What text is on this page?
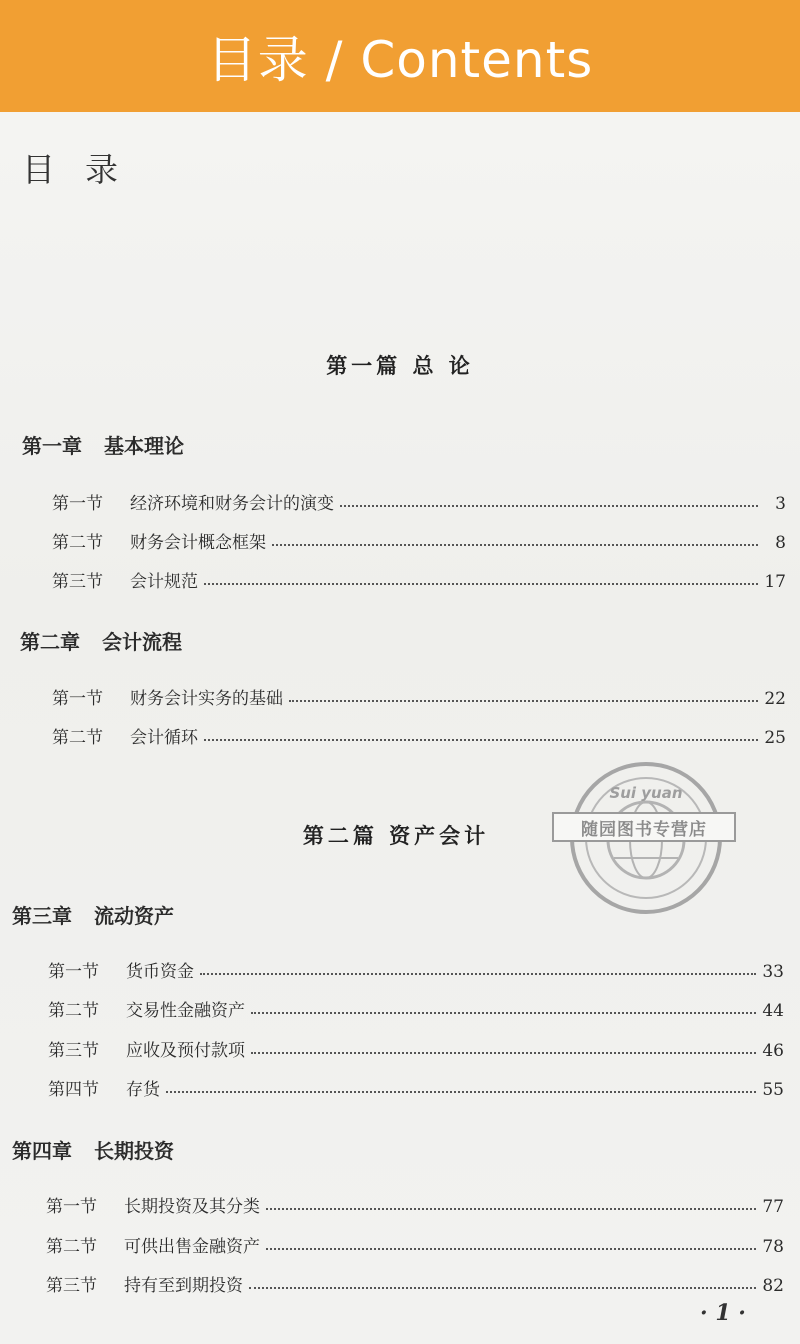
目录 / Contents
目录
第一篇 总 论
第一章 基本理论
第一节	经济环境和财务会计的演变	3
第二节	财务会计概念框架	8
第三节	会计规范	17
第二章 会计流程
第一节	财务会计实务的基础	22
第二节	会计循环	25
Sui yuan
随园图书专营店
第二篇 资产会计
第三章 流动资产
第一节	货币资金	33
第二节	交易性金融资产	44
第三节	应收及预付款项	46
第四节	存货	55
第四章 长期投资
第一节	长期投资及其分类	77
第二节	可供出售金融资产	78
第三节	持有至到期投资	82
· 1 ·
